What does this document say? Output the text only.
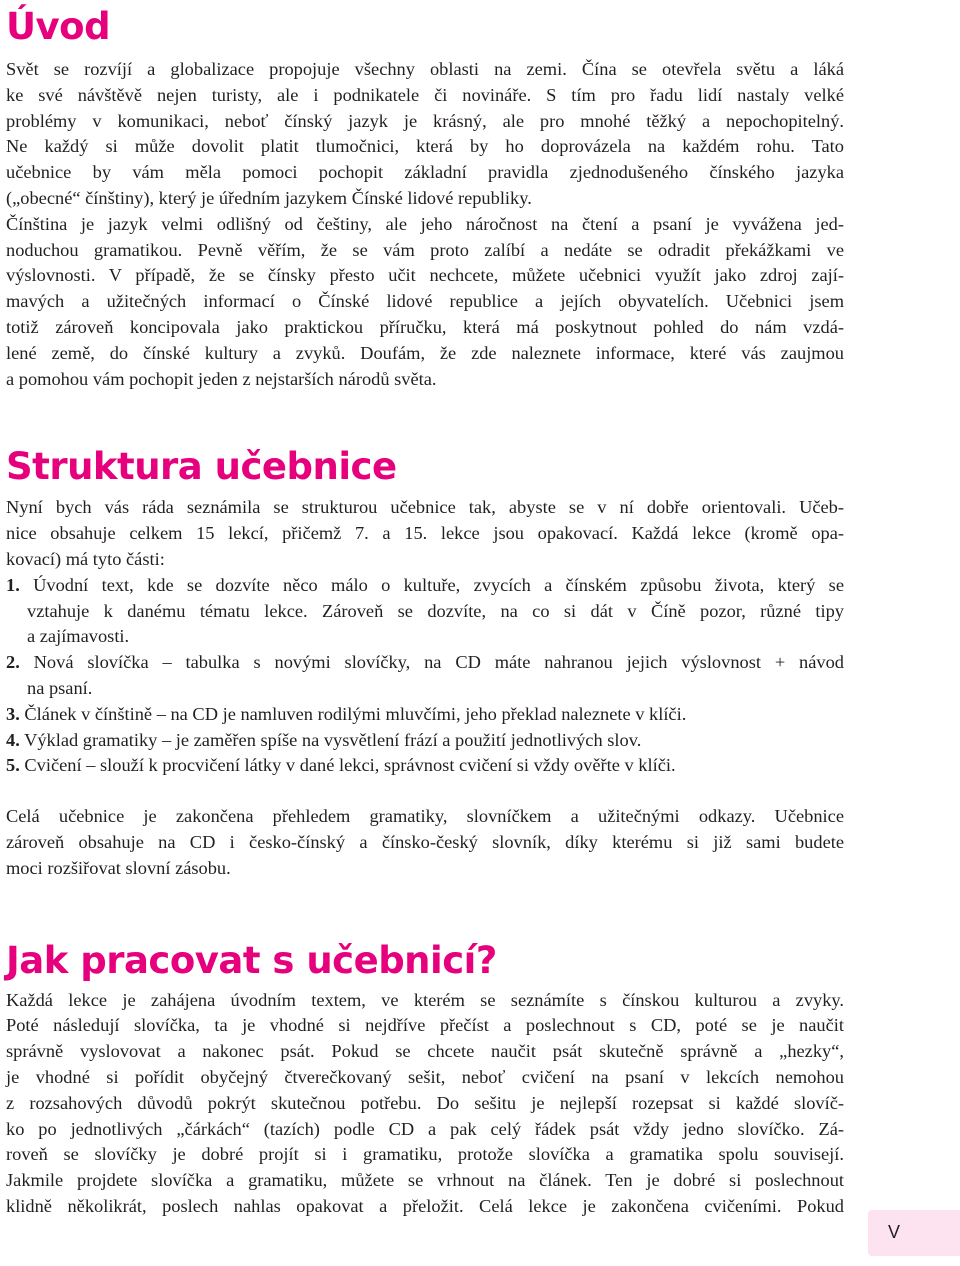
Úvod

Svět se rozvíjí a globalizace propojuje všechny oblasti na zemi. Čína se otevřela světu a láká
ke své návštěvě nejen turisty, ale i podnikatele či novináře. S tím pro řadu lidí nastaly velké
problémy v komunikaci, neboť čínský jazyk je krásný, ale pro mnohé těžký a nepochopitelný.
Ne každý si může dovolit platit tlumočnici, která by ho doprovázela na každém rohu. Tato
učebnice by vám měla pomoci pochopit základní pravidla zjednodušeného čínského jazyka
(„obecné“ čínštiny), který je úředním jazykem Čínské lidové republiky.
Čínština je jazyk velmi odlišný od češtiny, ale jeho náročnost na čtení a psaní je vyvážena jed-
noduchou gramatikou. Pevně věřím, že se vám proto zalíbí a nedáte se odradit překážkami ve
výslovnosti. V případě, že se čínsky přesto učit nechcete, můžete učebnici využít jako zdroj zají-
mavých a užitečných informací o Čínské lidové republice a jejích obyvatelích. Učebnici jsem
totiž zároveň koncipovala jako praktickou příručku, která má poskytnout pohled do nám vzdá-
lené země, do čínské kultury a zvyků. Doufám, že zde naleznete informace, které vás zaujmou
a pomohou vám pochopit jeden z nejstarších národů světa.

Struktura učebnice

Nyní bych vás ráda seznámila se strukturou učebnice tak, abyste se v ní dobře orientovali. Učeb-
nice obsahuje celkem 15 lekcí, přičemž 7. a 15. lekce jsou opakovací. Každá lekce (kromě opa-
kovací) má tyto části:

1. Úvodní text, kde se dozvíte něco málo o kultuře, zvycích a čínském způsobu života, který se
vztahuje k danému tématu lekce. Zároveň se dozvíte, na co si dát v Číně pozor, různé tipy
a zajímavosti.
2. Nová slovíčka – tabulka s novými slovíčky, na CD máte nahranou jejich výslovnost + návod
na psaní.
3. Článek v čínštině – na CD je namluven rodilými mluvčími, jeho překlad naleznete v klíči.
4. Výklad gramatiky – je zaměřen spíše na vysvětlení frází a použití jednotlivých slov.
5. Cvičení – slouží k procvičení látky v dané lekci, správnost cvičení si vždy ověřte v klíči.

Celá učebnice je zakončena přehledem gramatiky, slovníčkem a užitečnými odkazy. Učebnice
zároveň obsahuje na CD i česko-čínský a čínsko-český slovník, díky kterému si již sami budete
moci rozšiřovat slovní zásobu.

Jak pracovat s učebnicí?

Každá lekce je zahájena úvodním textem, ve kterém se seznámíte s čínskou kulturou a zvyky.
Poté následují slovíčka, ta je vhodné si nejdříve přečíst a poslechnout s CD, poté se je naučit
správně vyslovovat a nakonec psát. Pokud se chcete naučit psát skutečně správně a „hezky“,
je vhodné si pořídit obyčejný čtverečkovaný sešit, neboť cvičení na psaní v lekcích nemohou
z rozsahových důvodů pokrýt skutečnou potřebu. Do sešitu je nejlepší rozepsat si každé slovíč-
ko po jednotlivých „čárkách“ (tazích) podle CD a pak celý řádek psát vždy jedno slovíčko. Zá-
roveň se slovíčky je dobré projít si i gramatiku, protože slovíčka a gramatika spolu souvisejí.
Jakmile projdete slovíčka a gramatiku, můžete se vrhnout na článek. Ten je dobré si poslechnout
klidně několikrát, poslech nahlas opakovat a přeložit. Celá lekce je zakončena cvičeními. Pokud

V
